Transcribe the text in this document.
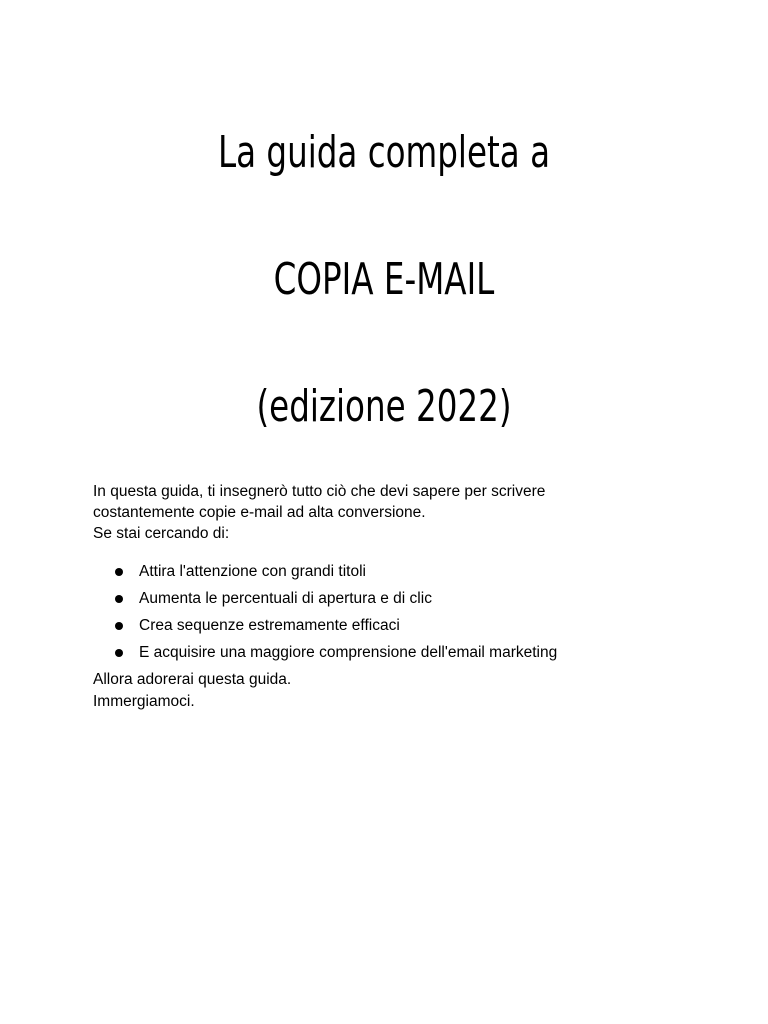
La guida completa a
COPIA E-MAIL
(edizione 2022)
In questa guida, ti insegnerò tutto ciò che devi sapere per scrivere
costantemente copie e-mail ad alta conversione.
Se stai cercando di:
Attira l'attenzione con grandi titoli
Aumenta le percentuali di apertura e di clic
Crea sequenze estremamente efficaci
E acquisire una maggiore comprensione dell'email marketing
Allora adorerai questa guida.
Immergiamoci.
